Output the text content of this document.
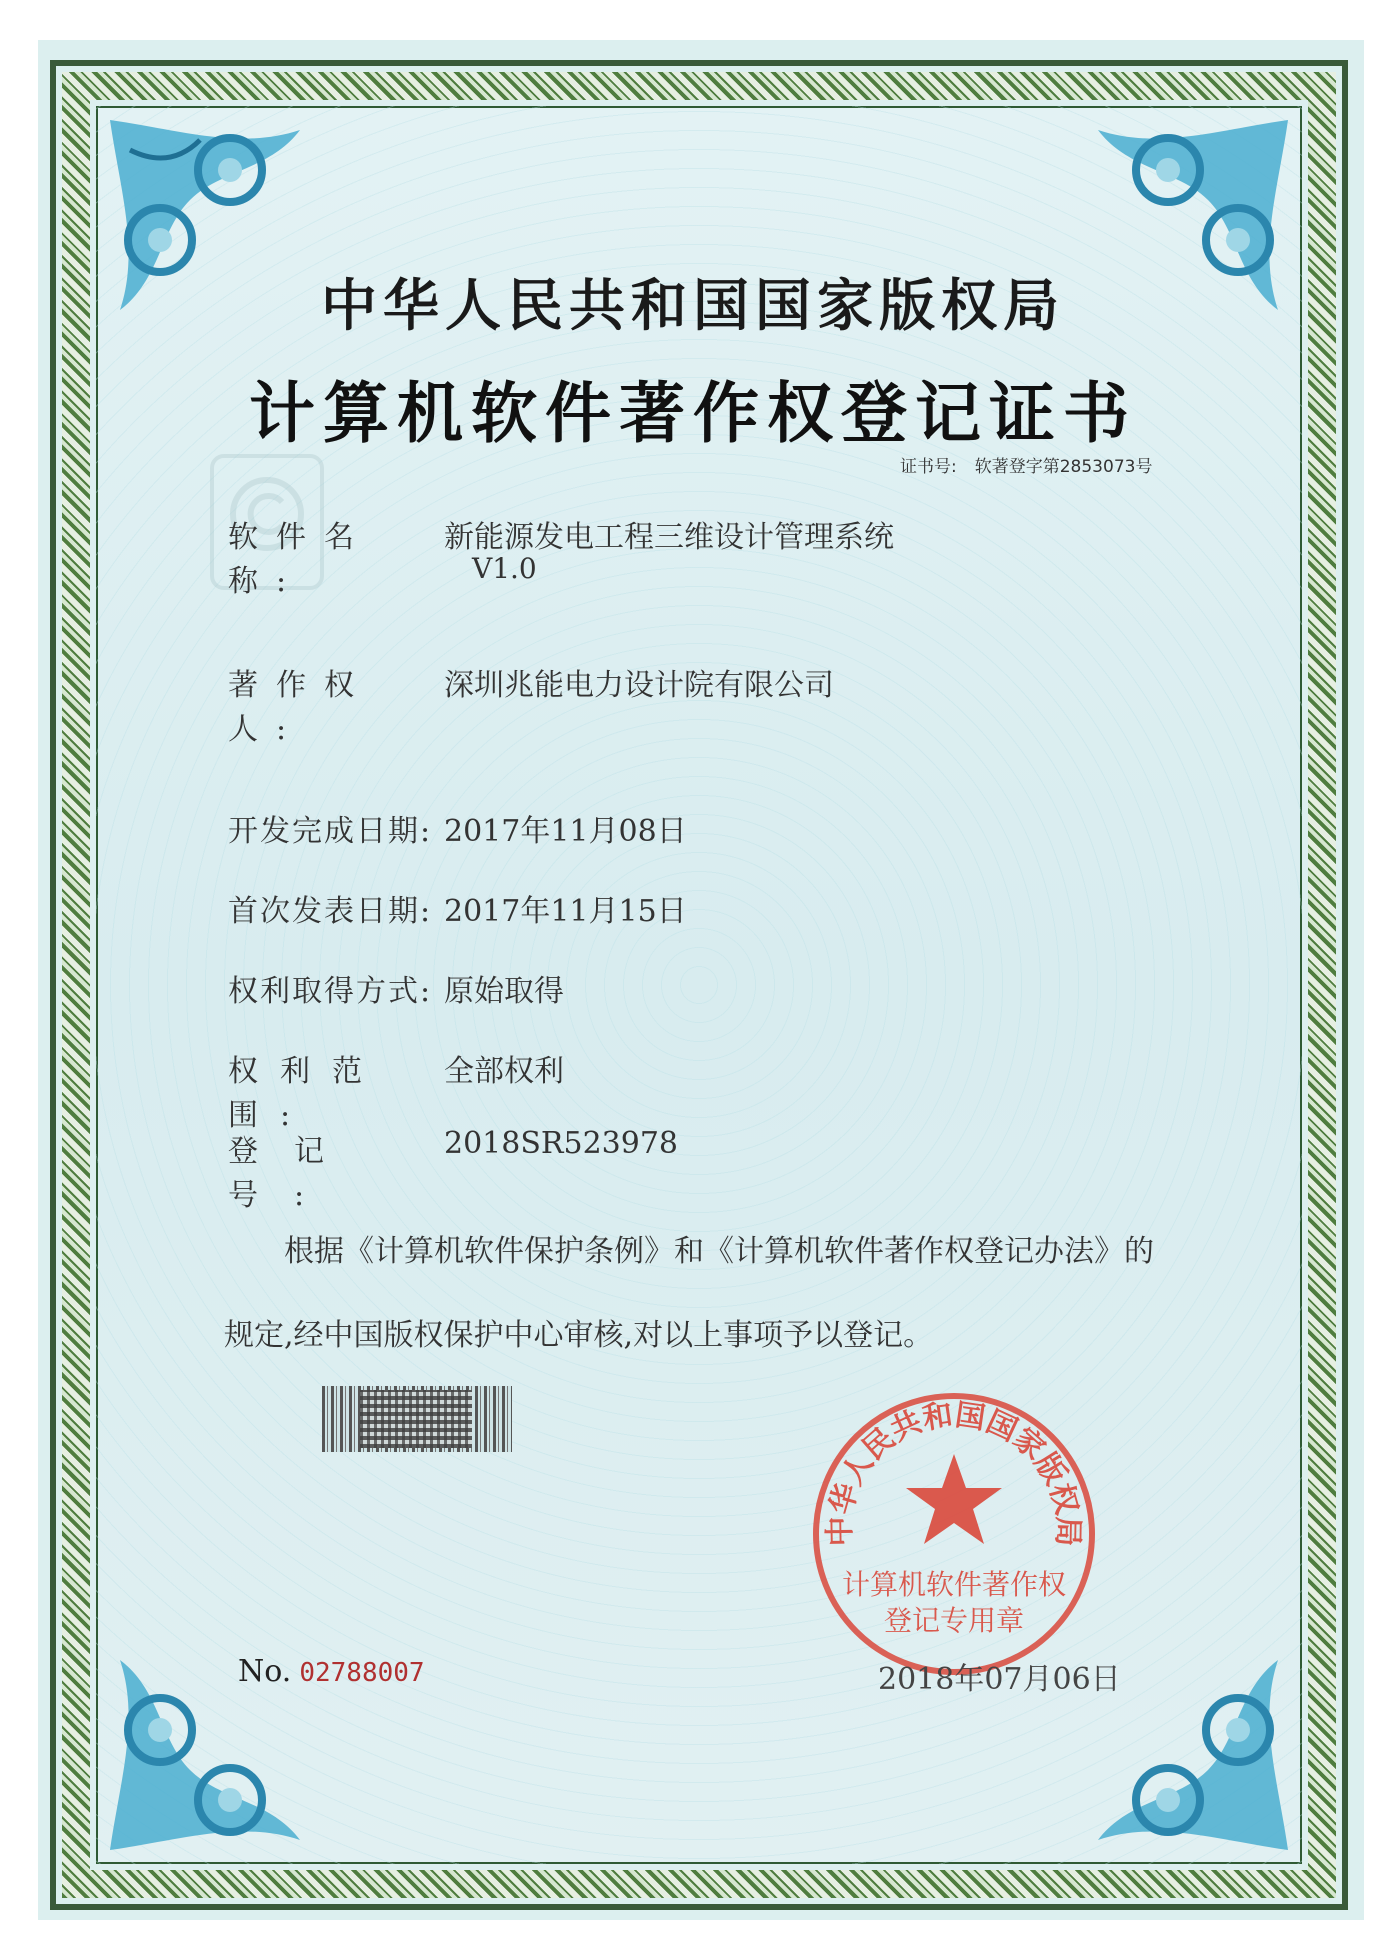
中华人民共和国国家版权局
计算机软件著作权登记证书
证书号: 软著登字第2853073号
软件名称:新能源发电工程三维设计管理系统
V1.0
著作权人:深圳兆能电力设计院有限公司
开发完成日期: 2017年11月08日
首次发表日期: 2017年11月15日
权利取得方式: 原始取得
权利范围:全部权利
登记号:2018SR523978
根据《计算机软件保护条例》和《计算机软件著作权登记办法》的
规定,经中国版权保护中心审核,对以上事项予以登记。
中华人民共和国国家版权局
计算机软件著作权
登记专用章
No. 02788007	2018年07月06日
